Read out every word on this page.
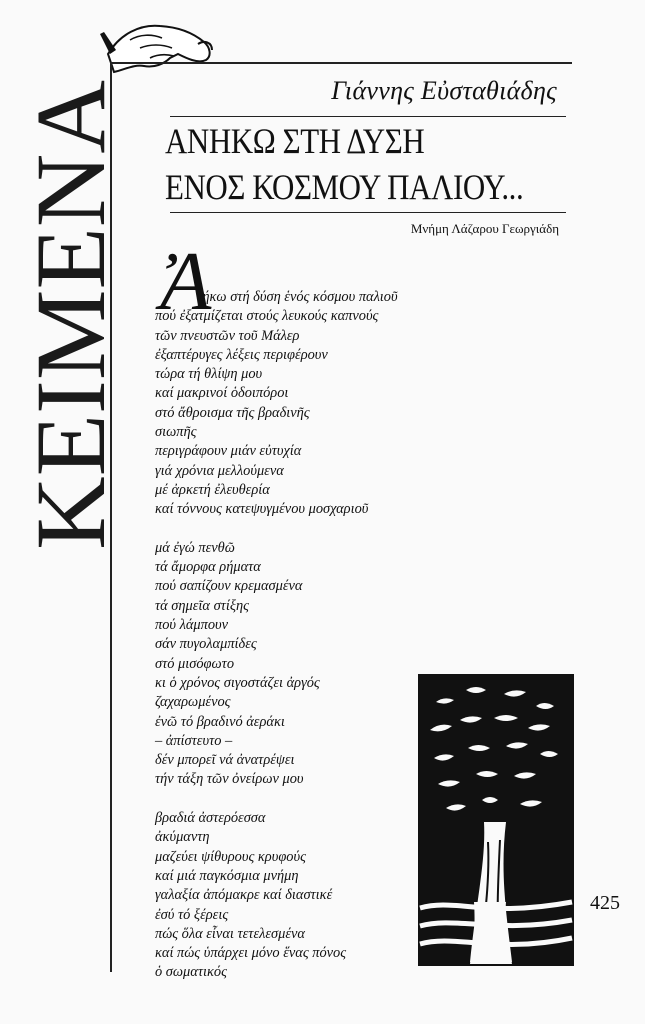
ΚΕΙΜΕΝΑ	Γιάννης Εὐσταθιάδης
ΑΝΗΚΩ ΣΤΗ ΔΥΣΗ
ΕΝΟΣ ΚΟΣΜΟΥ ΠΑΛΙΟΥ...
Μνήμη Λάζαρου Γεωργιάδη
Ἀ
νήκω στή δύση ἑνός κόσμου παλιοῦ
πού ἐξατμίζεται στούς λευκούς καπνούς
τῶν πνευστῶν τοῦ Μάλερ
ἐξαπτέρυγες λέξεις περιφέρουν
τώρα τή θλίψη μου
καί μακρινοί ὁδοιπόροι
στό ἄθροισμα τῆς βραδινῆς
σιωπῆς
περιγράφουν μιάν εὐτυχία
γιά χρόνια μελλούμενα
μέ ἀρκετή ἐλευθερία
καί τόννους κατεψυγμένου μοσχαριοῦ
μά ἐγώ πενθῶ
τά ἄμορφα ρήματα
πού σαπίζουν κρεμασμένα
τά σημεῖα στίξης
πού λάμπουν
σάν πυγολαμπίδες
στό μισόφωτο
κι ὁ χρόνος σιγοστάζει ἀργός
ζαχαρωμένος
ἐνῶ τό βραδινό ἀεράκι
– ἀπίστευτο –
δέν μπορεῖ νά ἀνατρέψει
τήν τάξη τῶν ὀνείρων μου
βραδιά ἀστερόεσσα
ἀκύμαντη
μαζεύει ψίθυρους κρυφούς
καί μιά παγκόσμια μνήμη
γαλαξία ἀπόμακρε καί διαστικέ
ἐσύ τό ξέρεις
πώς ὅλα εἶναι τετελεσμένα
καί πώς ὑπάρχει μόνο ἕνας πόνος
ὁ σωματικός
425
